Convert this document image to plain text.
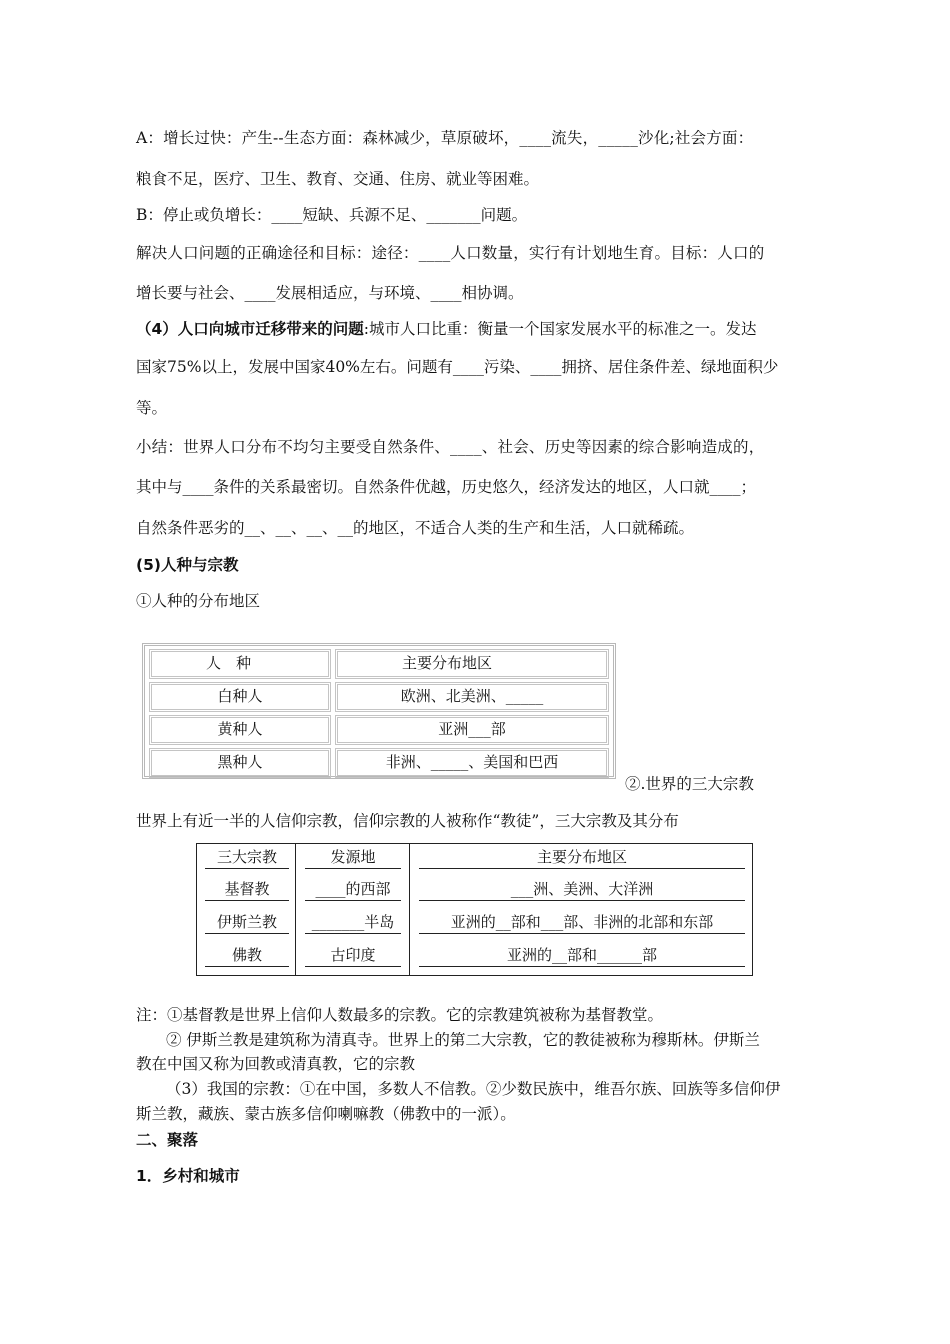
A：增长过快：产生--生态方面：森林减少，草原破坏，____流失，_____沙化;社会方面：
粮食不足，医疗、卫生、教育、交通、住房、就业等困难。
B：停止或负增长：____短缺、兵源不足、_______问题。
解决人口问题的正确途径和目标：途径：____人口数量，实行有计划地生育。目标：人口的
增长要与社会、____发展相适应，与环境、____相协调。
（4）人口向城市迁移带来的问题:城市人口比重：衡量一个国家发展水平的标准之一。发达
国家75%以上，发展中国家40%左右。问题有____污染、____拥挤、居住条件差、绿地面积少
等。
小结：世界人口分布不均匀主要受自然条件、____、社会、历史等因素的综合影响造成的，
其中与____条件的关系最密切。自然条件优越，历史悠久，经济发达的地区，人口就____；
自然条件恶劣的__、__、__、__的地区，不适合人类的生产和生活，人口就稀疏。
(5)人种与宗教
①人种的分布地区
人　种	主要分布地区
白种人	欧洲、北美洲、_____
黄种人	亚洲___部
黑种人	非洲、_____、美国和巴西
②.世界的三大宗教
世界上有近一半的人信仰宗教，信仰宗教的人被称作“教徒”，三大宗教及其分布
三大宗教	发源地	主要分布地区
基督教	____的西部	___洲、美洲、大洋洲
伊斯兰教	_______半岛	亚洲的__部和___部、非洲的北部和东部
佛教	古印度	亚洲的__部和______部
注：①基督教是世界上信仰人数最多的宗教。它的宗教建筑被称为基督教堂。
② 伊斯兰教是建筑称为清真寺。世界上的第二大宗教，它的教徒被称为穆斯林。伊斯兰
教在中国又称为回教或清真教，它的宗教
（3）我国的宗教：①在中国，多数人不信教。②少数民族中，维吾尔族、回族等多信仰伊
斯兰教，藏族、蒙古族多信仰喇嘛教（佛教中的一派）。
二、聚落
1．乡村和城市
